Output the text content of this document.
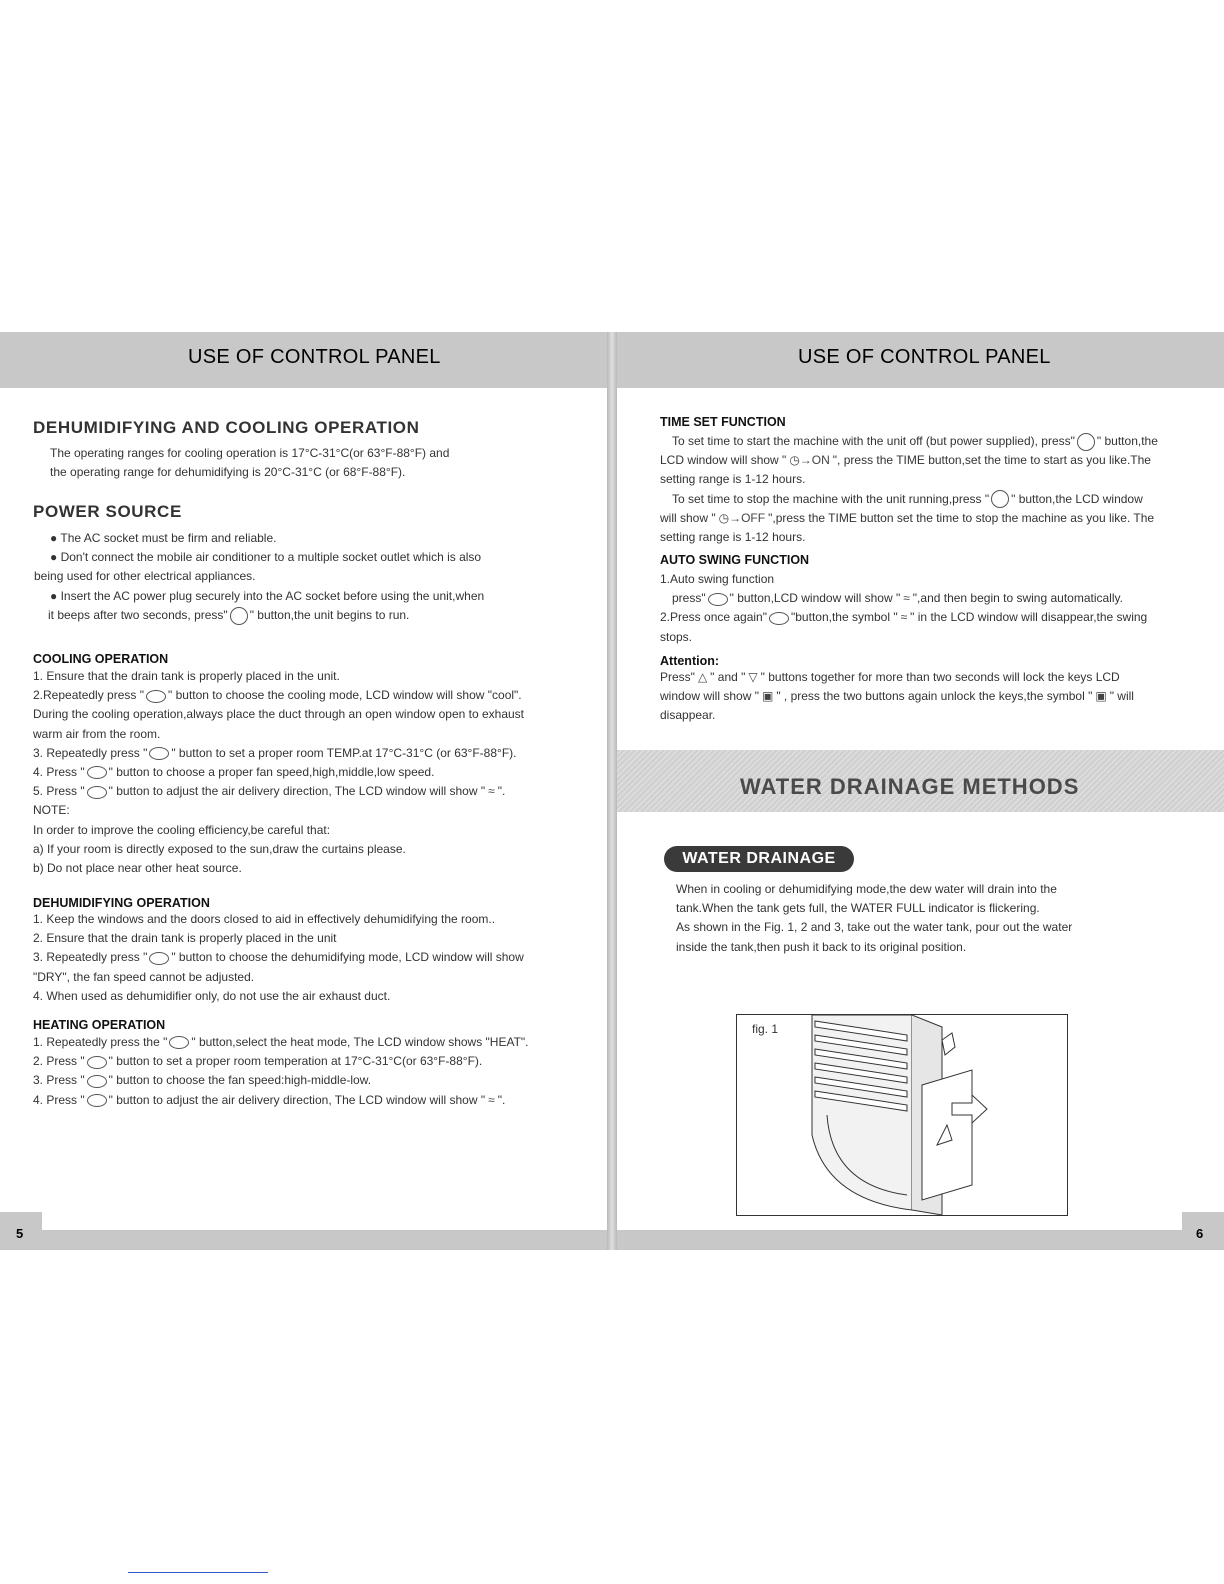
USE OF CONTROL PANEL	USE OF CONTROL PANEL
DEHUMIDIFYING AND COOLING OPERATION

The operating ranges for cooling operation is 17°C-31°C(or 63°F-88°F) and

the operating range for dehumidifying is 20°C-31°C (or 68°F-88°F).

POWER SOURCE

● The AC socket must be firm and reliable.

● Don't connect the mobile air conditioner to a multiple socket outlet which is also

being used for other electrical appliances.

● Insert the AC power plug securely into the AC socket before using the unit,when

it beeps after two seconds, press" " button,the unit begins to run.

COOLING OPERATION

1. Ensure that the drain tank is properly placed in the unit.

2.Repeatedly press " " button to choose the cooling mode, LCD window will show "cool".

During the cooling operation,always place the duct through an open window open to exhaust

warm air from the room.

3. Repeatedly press " " button to set a proper room TEMP.at 17°C-31°C (or 63°F-88°F).

4. Press " " button to choose a proper fan speed,high,middle,low speed.

5. Press " " button to adjust the air delivery direction, The LCD window will show " ≈ ".

NOTE:

In order to improve the cooling efficiency,be careful that:

a) If your room is directly exposed to the sun,draw the curtains please.

b) Do not place near other heat source.

DEHUMIDIFYING OPERATION

1. Keep the windows and the doors closed to aid in effectively dehumidifying the room..

2. Ensure that the drain tank is properly placed in the unit

3. Repeatedly press " " button to choose the dehumidifying mode, LCD window will show

"DRY", the fan speed cannot be adjusted.

4. When used as dehumidifier only, do not use the air exhaust duct.

HEATING OPERATION

1. Repeatedly press the " " button,select the heat mode, The LCD window shows "HEAT".

2. Press " " button to set a proper room temperation at 17°C-31°C(or 63°F-88°F).

3. Press " " button to choose the fan speed:high-middle-low.

4. Press " " button to adjust the air delivery direction, The LCD window will show " ≈ ".

TIME SET FUNCTION

To set time to start the machine with the unit off (but power supplied), press" " button,the

LCD window will show " ◷→ON ", press the TIME button,set the time to start as you like.The

setting range is 1-12 hours.

To set time to stop the machine with the unit running,press " " button,the LCD window

will show " ◷→OFF ",press the TIME button set the time to stop the machine as you like. The

setting range is 1-12 hours.

AUTO SWING FUNCTION

1.Auto swing function

press" " button,LCD window will show " ≈ ",and then begin to swing automatically.

2.Press once again" "button,the symbol " ≈ " in the LCD window will disappear,the swing

stops.

Attention:

Press" △ " and " ▽ " buttons together for more than two seconds will lock the keys LCD

window will show " ▣ " , press the two buttons again unlock the keys,the symbol " ▣ " will

disappear.

WATER DRAINAGE METHODS
WATER DRAINAGE

When in cooling or dehumidifying mode,the dew water will drain into the

tank.When the tank gets full, the WATER FULL indicator is flickering.

As shown in the Fig. 1, 2 and 3, take out the water tank, pour out the water

inside the tank,then push it back to its original position.

fig. 1
5	6
